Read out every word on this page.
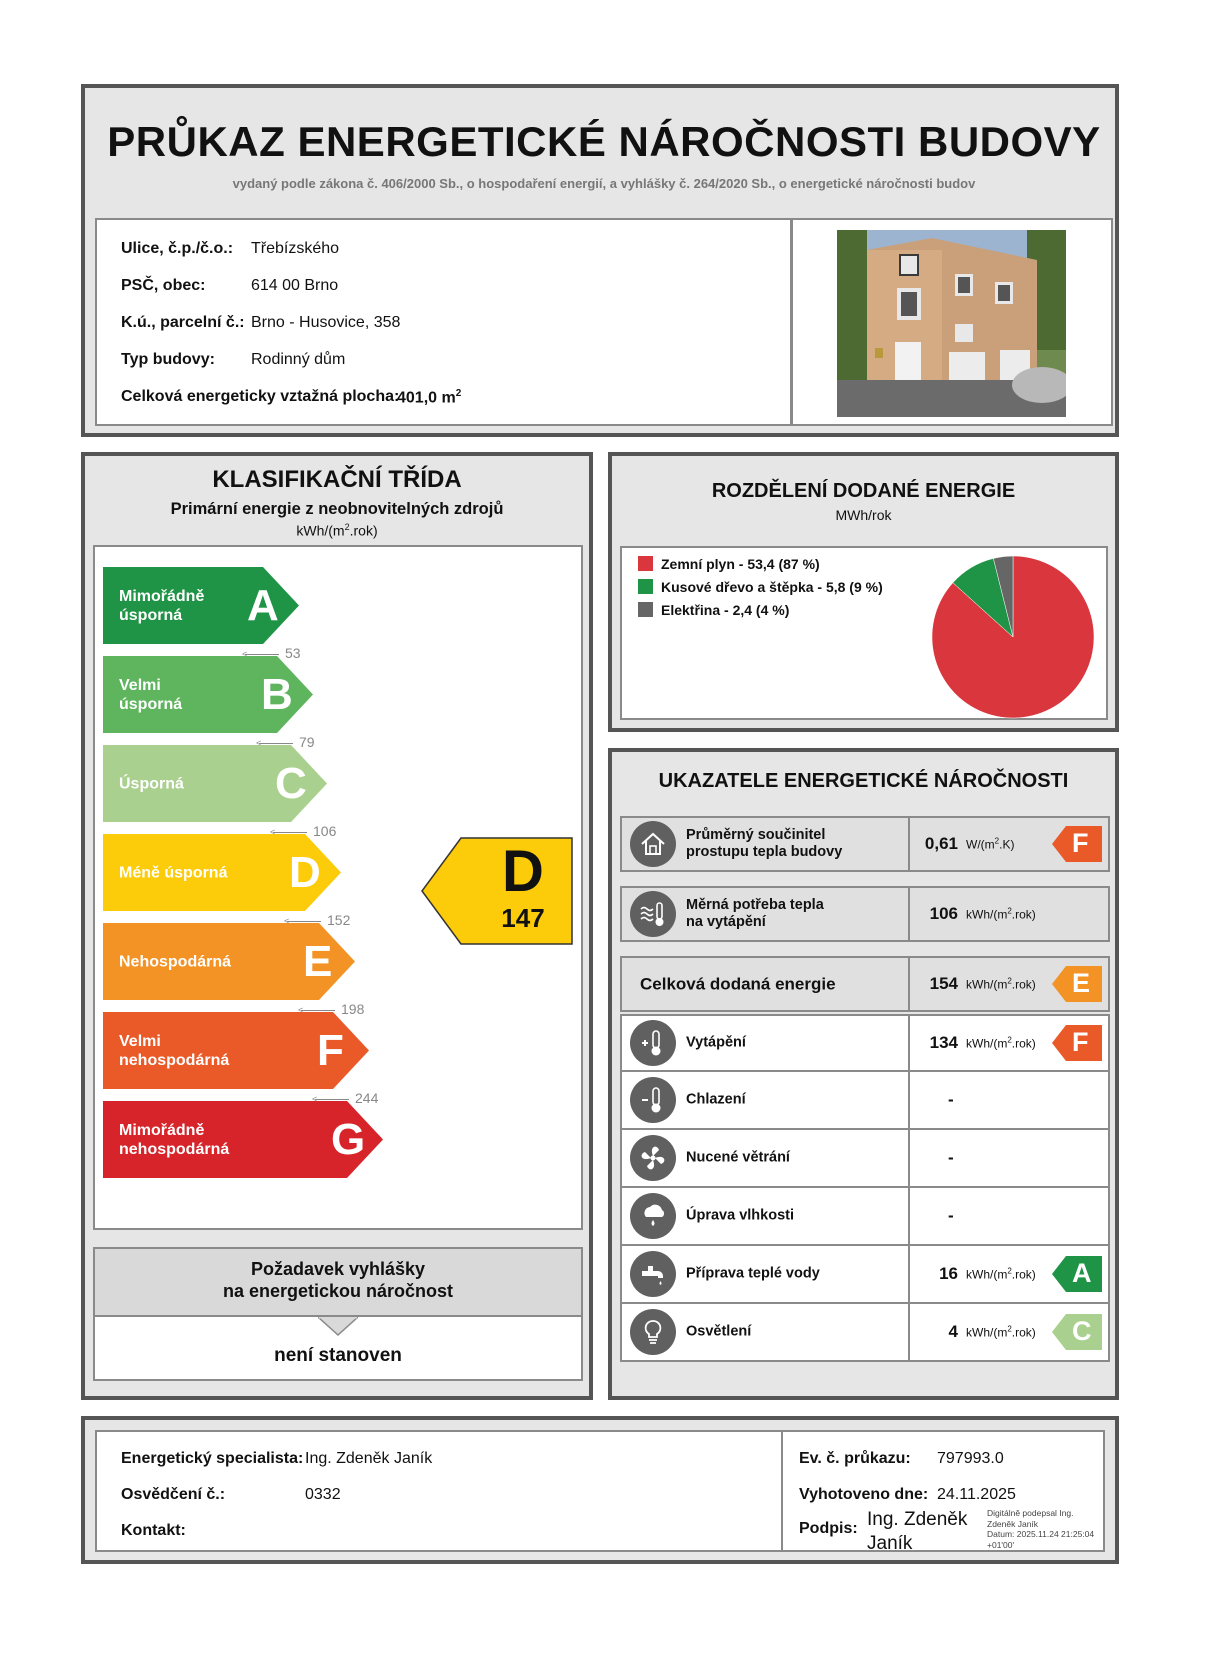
PRŮKAZ ENERGETICKÉ NÁROČNOSTI BUDOVY
vydaný podle zákona č. 406/2000 Sb., o hospodaření energií, a vyhlášky č. 264/2020 Sb., o energetické náročnosti budov
Ulice, č.p./č.o.: Třebízského
PSČ, obec:	614 00 Brno
K.ú., parcelní č.: Brno - Husovice, 358
Typ budovy: Rodinný dům
Celková energeticky vztažná plocha:
401,0 $m^2$
KLASIFIKAČNÍ TŘÍDA
Primární energie z neobnovitelných zdrojů
kWh/$(m^2.rok)$
Mimořádně
úsporná	A
Velmi
úsporná B
Úsporná C
Méně úsporná D
Nehospodárná E
Velmi
nehospodárná F
Mimořádně
nehospodárná G
<	53
<	79
<	106
<	152
<	198
<	244
D
147
Požadavek vyhlášky
na energetickou náročnost
není stanoven
ROZDĚLENÍ DODANÉ ENERGIE
MWh/rok
Zemní plyn - 53,4 (87 %)
Kusové dřevo a štěpka - 5,8 (9 %)
Elektřina - 2,4 (4 %)
UKAZATELE ENERGETICKÉ NÁROČNOSTI
Průměrný součinitel
prostupu tepla budovy	0,61 $W/(m^2.K)$ F
Měrná potřeba tepla
na vytápění	106 kWh/$(m^2.rok)$
Celková dodaná energie	154 kWh/$(m^2.rok)$ E
Vytápění	134 kWh/$(m^2.rok)$ F
Chlazení	-
Nucené větrání	-
Úprava vlhkosti	-
Příprava teplé vody	16 kWh/$(m^2.rok)$ A
Osvětlení	4 kWh/$(m^2.rok)$ C
Energetický specialista: Ing. Zdeněk Janík
Osvědčení č.:	0332
Kontakt:
Ev. č. průkazu: 797993.0
Vyhotoveno dne: 24.11.2025
Podpis: Ing. Zdeněk
Janík
Digitálně podepsal Ing.
Zdeněk Janík
Datum: 2025.11.24 21:25:04
+01'00'
